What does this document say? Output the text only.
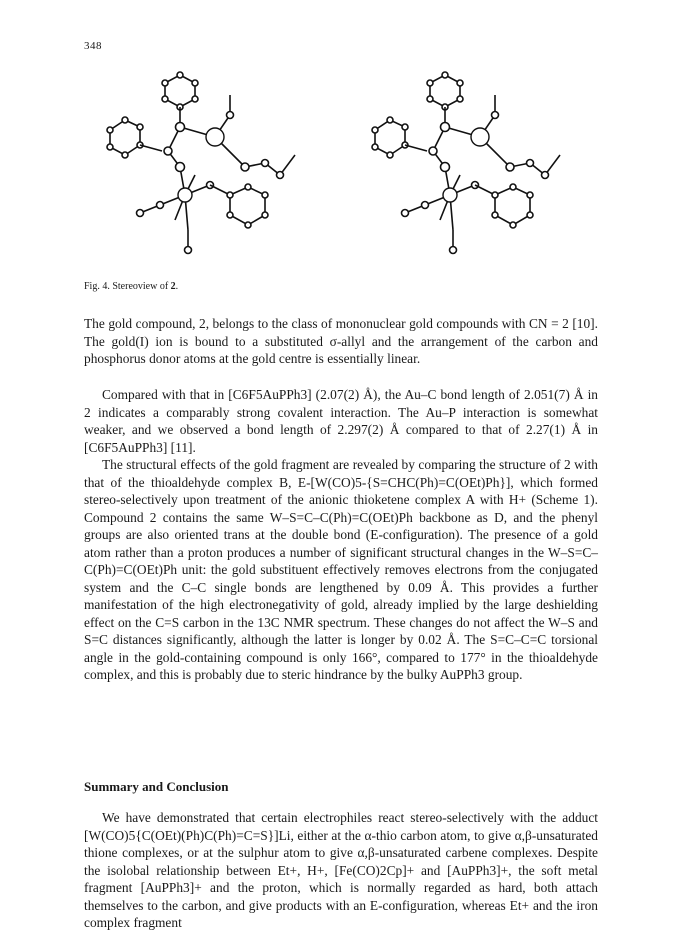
348
Fig. 4. Stereoview of 2.

The gold compound, 2, belongs to the class of mononuclear gold compounds with CN = 2 [10]. The gold(I) ion is bound to a substituted σ-allyl and the arrangement of the carbon and phosphorus donor atoms at the gold centre is essentially linear.

Compared with that in [C6F5AuPPh3] (2.07(2) Å), the Au–C bond length of 2.051(7) Å in 2 indicates a comparably strong covalent interaction. The Au–P interaction is somewhat weaker, and we observed a bond length of 2.297(2) Å compared to that of 2.27(1) Å in [C6F5AuPPh3] [11].

The structural effects of the gold fragment are revealed by comparing the structure of 2 with that of the thioaldehyde complex B, E-[W(CO)5-{S=CHC(Ph)=C(OEt)Ph}], which formed stereo-selectively upon treatment of the anionic thioketene complex A with H+ (Scheme 1). Compound 2 contains the same W–S=C–C(Ph)=C(OEt)Ph backbone as D, and the phenyl groups are also oriented trans at the double bond (E-configuration). The presence of a gold atom rather than a proton produces a number of significant structural changes in the W–S=C–C(Ph)=C(OEt)Ph unit: the gold substituent effectively removes electrons from the conjugated system and the C–C single bonds are lengthened by 0.09 Å. This provides a further manifestation of the high electronegativity of gold, already implied by the large deshielding effect on the C=S carbon in the 13C NMR spectrum. These changes do not affect the W–S and S=C distances significantly, although the latter is longer by 0.02 Å. The S=C–C=C torsional angle in the gold-containing compound is only 166°, compared to 177° in the thioaldehyde complex, and this is probably due to steric hindrance by the bulky AuPPh3 group.

Summary and Conclusion

We have demonstrated that certain electrophiles react stereo-selectively with the adduct [W(CO)5{C(OEt)(Ph)C(Ph)=C=S}]Li, either at the α-thio carbon atom, to give α,β-unsaturated thione complexes, or at the sulphur atom to give α,β-unsaturated carbene complexes. Despite the isolobal relationship between Et+, H+, [Fe(CO)2Cp]+ and [AuPPh3]+, the soft metal fragment [AuPPh3]+ and the proton, which is normally regarded as hard, both attach themselves to the carbon, and give products with an E-configuration, whereas Et+ and the iron complex fragment
